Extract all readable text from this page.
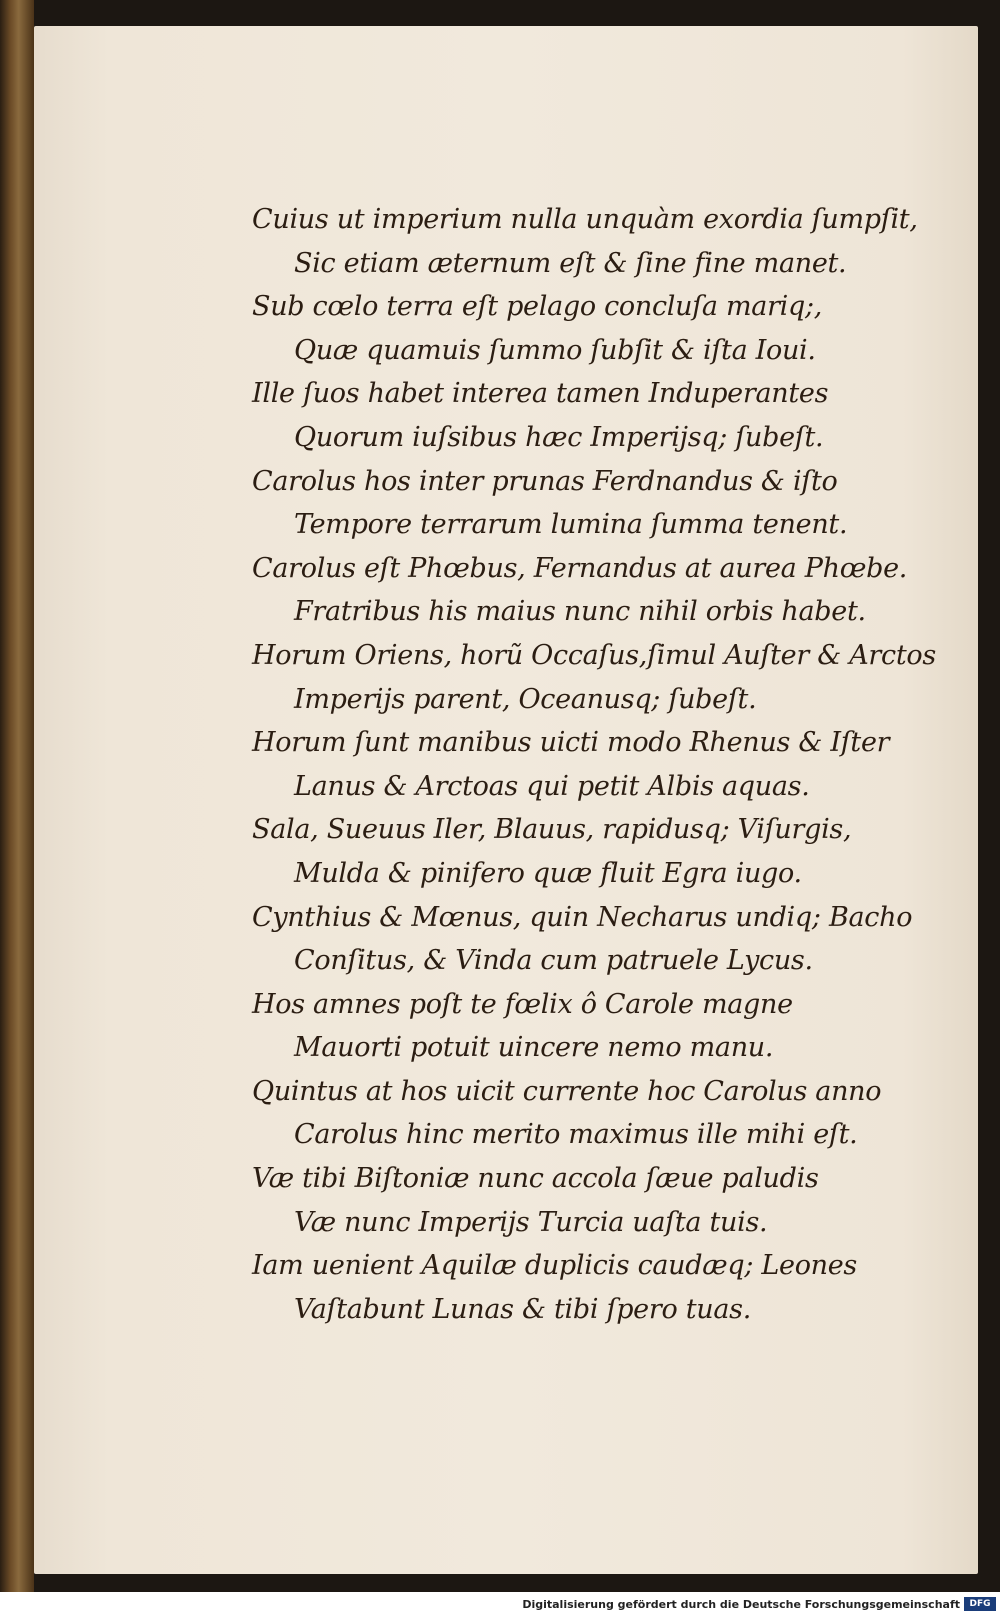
Cuius ut imperium nulla unquàm exordia ſumpſit,
Sic etiam æternum eſt & ſine fine manet.
Sub cœlo terra eſt pelago concluſa mariq;,
Quæ quamuis ſummo ſubſit & iſta Ioui.
Ille ſuos habet interea tamen Induperantes
Quorum iuſsibus hæc Imperijsq; ſubeſt.
Carolus hos inter prunas Ferdnandus & iſto
Tempore terrarum lumina ſumma tenent.
Carolus eſt Phœbus, Fernandus at aurea Phœbe.
Fratribus his maius nunc nihil orbis habet.
Horum Oriens, horũ Occaſus,ſimul Auſter & Arctos
Imperijs parent, Oceanusq; ſubeſt.
Horum ſunt manibus uicti modo Rhenus & Iſter
Lanus & Arctoas qui petit Albis aquas.
Sala, Sueuus Iler, Blauus, rapidusq; Viſurgis,
Mulda & pinifero quæ fluit Egra iugo.
Cynthius & Mœnus, quin Necharus undiq; Bacho
Conſitus, & Vinda cum patruele Lycus.
Hos amnes poſt te fœlix ô Carole magne
Mauorti potuit uincere nemo manu.
Quintus at hos uicit currente hoc Carolus anno
Carolus hinc merito maximus ille mihi eſt.
Væ tibi Biſtoniæ nunc accola ſæue paludis
Væ nunc Imperijs Turcia uaſta tuis.
Iam uenient Aquilæ duplicis caudæq; Leones
Vaſtabunt Lunas & tibi ſpero tuas.
Digitalisierung gefördert durch die Deutsche Forschungsgemeinschaft	DFG
